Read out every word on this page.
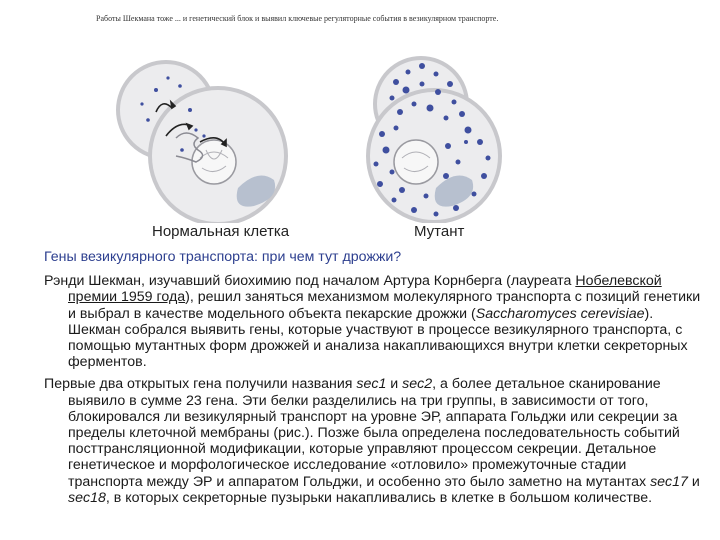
Работы Шекмана тоже ... и генетический блок и выявил ключевые регуляторные события в везикулярном транспорте.
Нормальная клетка	Мутант
Гены везикулярного транспорта: при чем тут дрожжи?

Рэнди Шекман, изучавший биохимию под началом Артура Корнберга (лауреата Нобелевской премии 1959 года), решил заняться механизмом молекулярного транспорта с позиций генетики и выбрал в качестве модельного объекта пекарские дрожжи (Saccharomyces cerevisiae). Шекман собрался выявить гены, которые участвуют в процессе везикулярного транспорта, с помощью мутантных форм дрожжей и анализа накапливающихся внутри клетки секреторных ферментов.

Первые два открытых гена получили названия sec1 и sec2, а более детальное сканирование выявило в сумме 23 гена. Эти белки разделились на три группы, в зависимости от того, блокировался ли везикулярный транспорт на уровне ЭР, аппарата Гольджи или секреции за пределы клеточной мембраны (рис.). Позже была определена последовательность событий посттрансляционной модификации, которые управляют процессом секреции. Детальное генетическое и морфологическое исследование «отловило» промежуточные стадии транспорта между ЭР и аппаратом Гольджи, и особенно это было заметно на мутантах sec17 и sec18, в которых секреторные пузырьки накапливались в клетке в большом количестве.
